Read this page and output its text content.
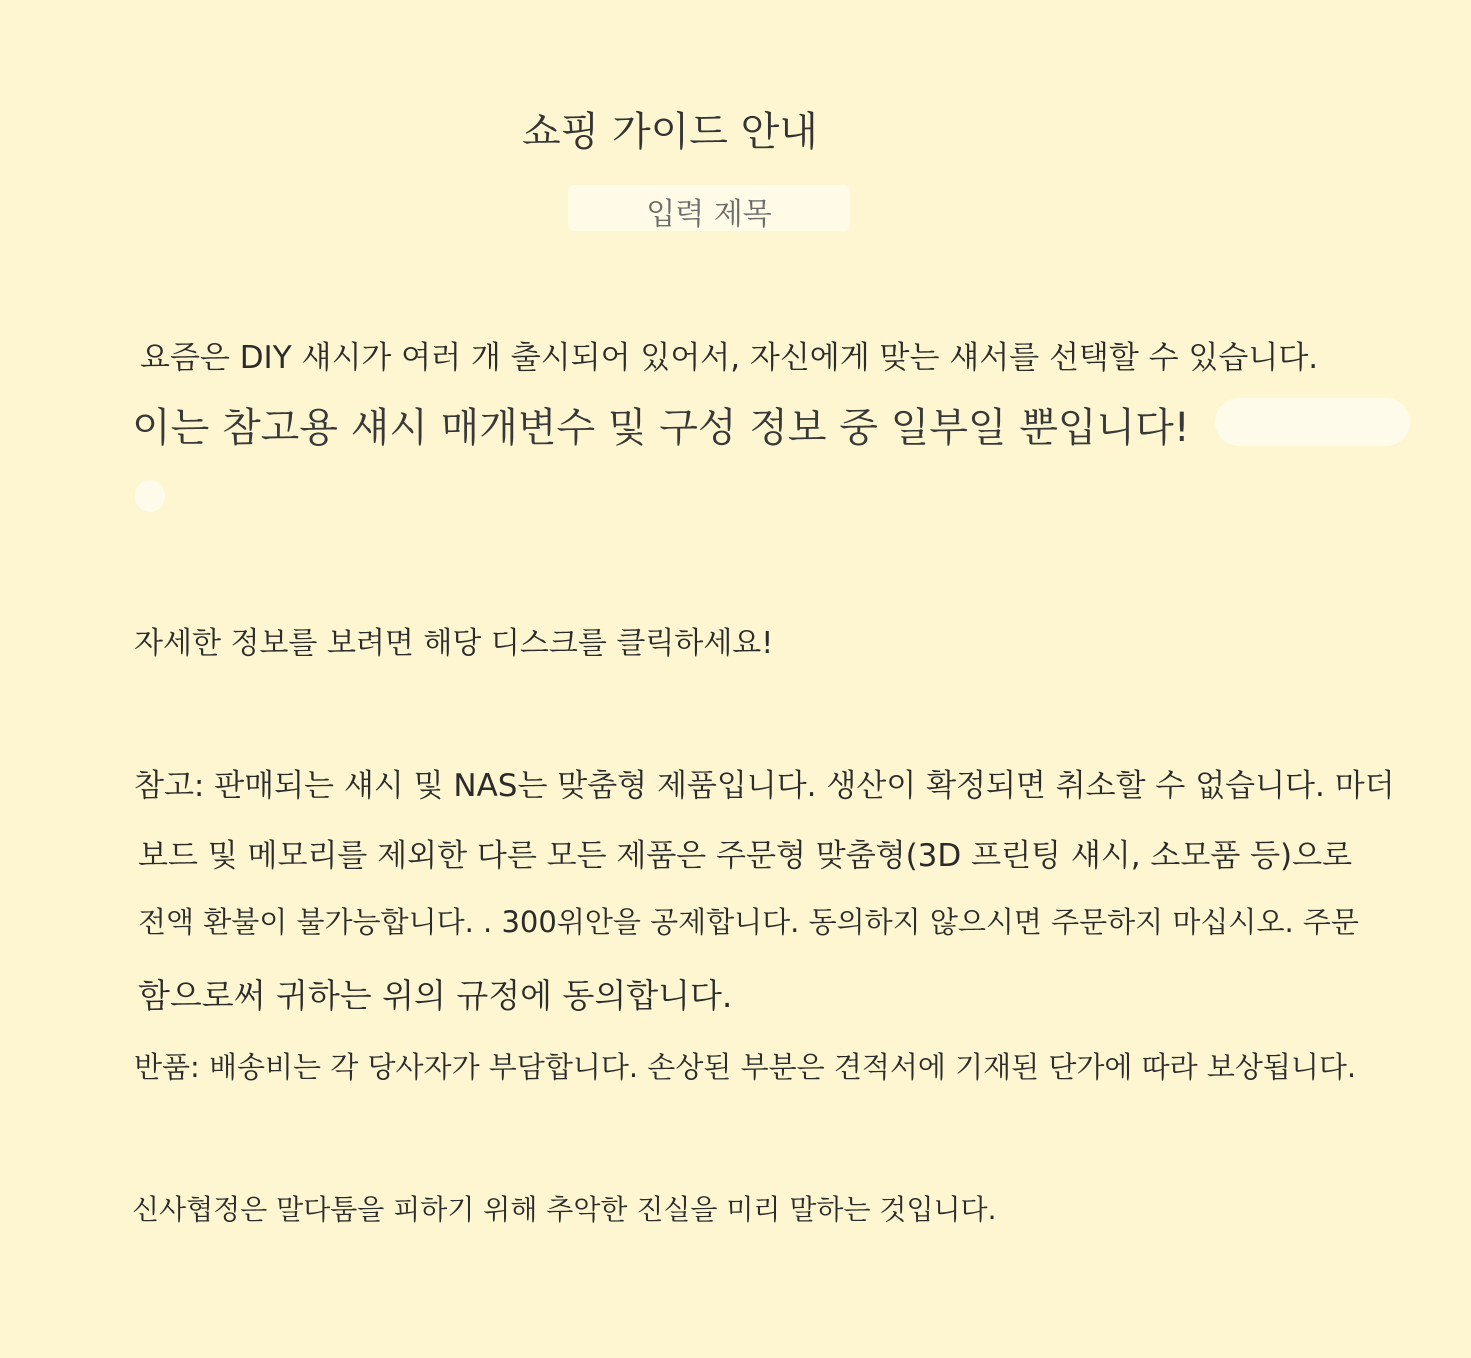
쇼핑 가이드 안내
입력 제목
요즘은 DIY 섀시가 여러 개 출시되어 있어서, 자신에게 맞는 섀서를 선택할 수 있습니다.
이는 참고용 섀시 매개변수 및 구성 정보 중 일부일 뿐입니다!
자세한 정보를 보려면 해당 디스크를 클릭하세요!
참고: 판매되는 섀시 및 NAS는 맞춤형 제품입니다. 생산이 확정되면 취소할 수 없습니다. 마더
보드 및 메모리를 제외한 다른 모든 제품은 주문형 맞춤형(3D 프린팅 섀시, 소모품 등)으로
전액 환불이 불가능합니다. . 300위안을 공제합니다. 동의하지 않으시면 주문하지 마십시오. 주문
함으로써 귀하는 위의 규정에 동의합니다.
반품: 배송비는 각 당사자가 부담합니다. 손상된 부분은 견적서에 기재된 단가에 따라 보상됩니다.
신사협정은 말다툼을 피하기 위해 추악한 진실을 미리 말하는 것입니다.
